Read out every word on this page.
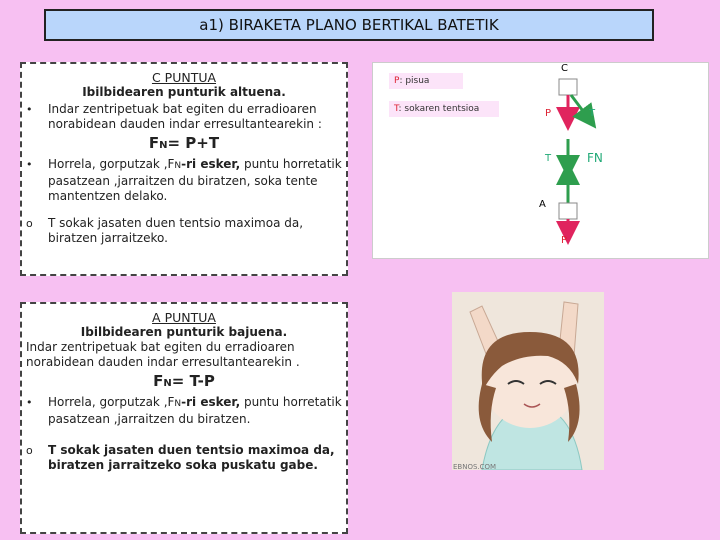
a1) BIRAKETA PLANO BERTIKAL BATETIK
C PUNTUA
Ibilbidearen punturik altuena.
• Indar zentripetuak bat egiten du erradioaren norabidean dauden indar erresultantearekin :
FN= P+T
• Horrela, gorputzak ,FN-ri esker, puntu horretatik pasatzean ,jarraitzen du biratzen, soka tente mantentzen delako.
o T sokak jasaten duen tentsio maximoa da, biratzen jarraitzeko.
A PUNTUA
Ibilbidearen punturik bajuena.
Indar zentripetuak bat egiten du erradioaren norabidean dauden indar erresultantearekin .
FN= T-P
• Horrela, gorputzak ,FN-ri esker, puntu horretatik pasatzean ,jarraitzen du biratzen.
o T sokak jasaten duen tentsio maximoa da, biratzen jarraitzeko soka puskatu gabe.
P: pisua
T: sokaren tentsioa
C
P	T
T	FN
A
P
EBNOS.COM
